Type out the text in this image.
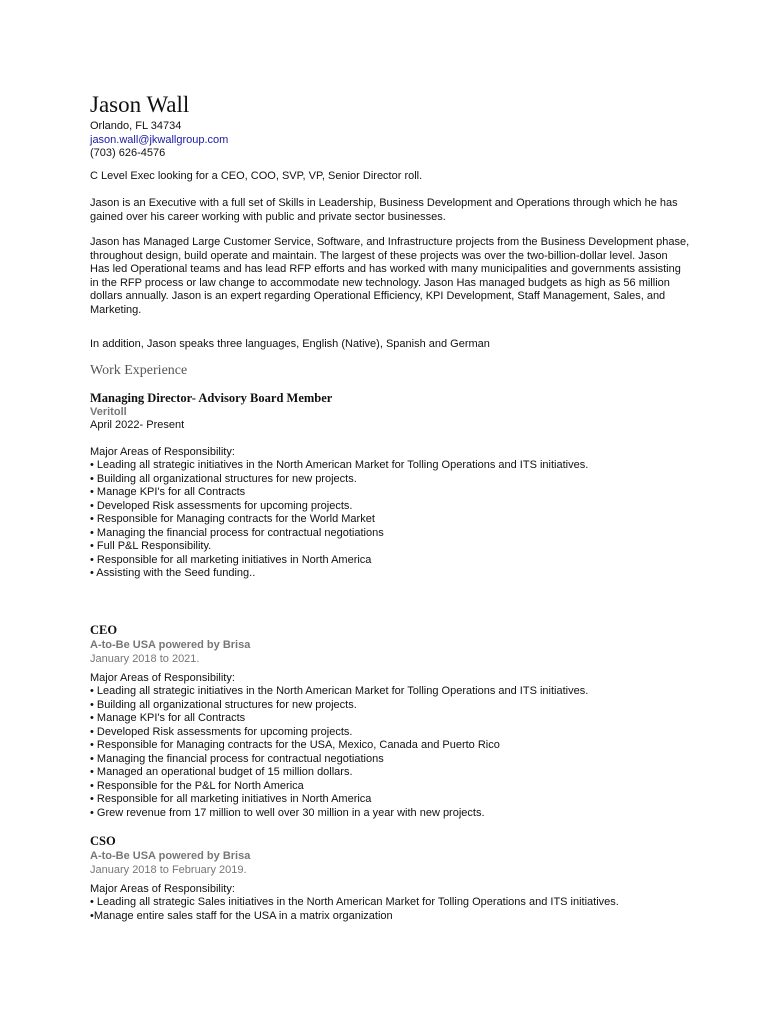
Jason Wall
Orlando, FL 34734
jason.wall@jkwallgroup.com
(703) 626-4576
C Level Exec looking for a CEO, COO, SVP, VP, Senior Director roll.
Jason is an Executive with a full set of Skills in Leadership, Business Development and Operations through which he has gained over his career working with public and private sector businesses.
Jason has Managed Large Customer Service, Software, and Infrastructure projects from the Business Development phase, throughout design, build operate and maintain. The largest of these projects was over the two-billion-dollar level. Jason Has led Operational teams and has lead RFP efforts and has worked with many municipalities and governments assisting in the RFP process or law change to accommodate new technology. Jason Has managed budgets as high as 56 million dollars annually. Jason is an expert regarding Operational Efficiency, KPI Development, Staff Management, Sales, and Marketing.
In addition, Jason speaks three languages, English (Native), Spanish and German
Work Experience
Managing Director- Advisory Board Member
Veritoll
April 2022- Present
Major Areas of Responsibility:
• Leading all strategic initiatives in the North American Market for Tolling Operations and ITS initiatives.
• Building all organizational structures for new projects.
• Manage KPI's for all Contracts
• Developed Risk assessments for upcoming projects.
• Responsible for Managing contracts for the World Market
• Managing the financial process for contractual negotiations
• Full P&L Responsibility.
• Responsible for all marketing initiatives in North America
• Assisting with the Seed funding..
CEO
A-to-Be USA powered by Brisa
January 2018 to 2021.
Major Areas of Responsibility:
• Leading all strategic initiatives in the North American Market for Tolling Operations and ITS initiatives.
• Building all organizational structures for new projects.
• Manage KPI's for all Contracts
• Developed Risk assessments for upcoming projects.
• Responsible for Managing contracts for the USA, Mexico, Canada and Puerto Rico
• Managing the financial process for contractual negotiations
• Managed an operational budget of 15 million dollars.
• Responsible for the P&L for North America
• Responsible for all marketing initiatives in North America
• Grew revenue from 17 million to well over 30 million in a year with new projects.
CSO
A-to-Be USA powered by Brisa
January 2018 to February 2019.
Major Areas of Responsibility:
• Leading all strategic Sales initiatives in the North American Market for Tolling Operations and ITS initiatives.
•Manage entire sales staff for the USA in a matrix organization
